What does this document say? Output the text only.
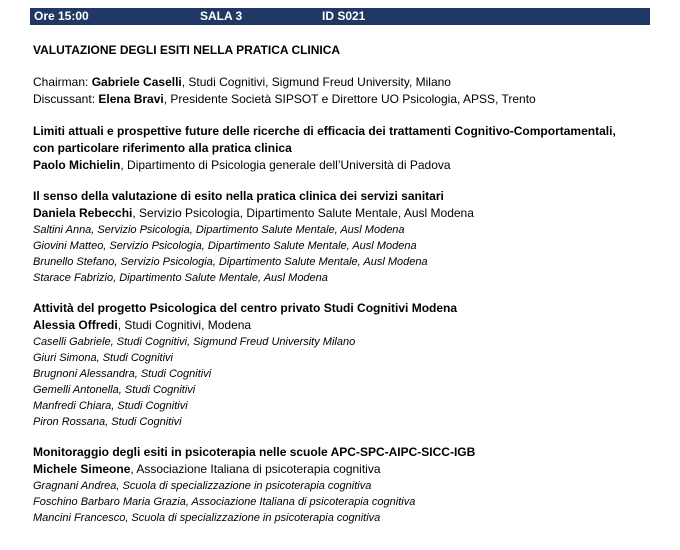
Ore 15:00	SALA 3	ID S021
VALUTAZIONE DEGLI ESITI NELLA PRATICA CLINICA
Chairman: Gabriele Caselli, Studi Cognitivi, Sigmund Freud University, Milano
Discussant: Elena Bravi, Presidente Società SIPSOT e Direttore UO Psicologia, APSS, Trento
Limiti attuali e prospettive future delle ricerche di efficacia dei trattamenti Cognitivo-Comportamentali,
con particolare riferimento alla pratica clinica
Paolo Michielin, Dipartimento di Psicologia generale dell’Università di Padova
Il senso della valutazione di esito nella pratica clinica dei servizi sanitari
Daniela Rebecchi, Servizio Psicologia, Dipartimento Salute Mentale, Ausl Modena
Saltini Anna, Servizio Psicologia, Dipartimento Salute Mentale, Ausl Modena
Giovini Matteo, Servizio Psicologia, Dipartimento Salute Mentale, Ausl Modena
Brunello Stefano, Servizio Psicologia, Dipartimento Salute Mentale, Ausl Modena
Starace Fabrizio, Dipartimento Salute Mentale, Ausl Modena
Attività del progetto Psicologica del centro privato Studi Cognitivi Modena
Alessia Offredi, Studi Cognitivi, Modena
Caselli Gabriele, Studi Cognitivi, Sigmund Freud University Milano
Giuri Simona, Studi Cognitivi
Brugnoni Alessandra, Studi Cognitivi
Gemelli Antonella, Studi Cognitivi
Manfredi Chiara, Studi Cognitivi
Piron Rossana, Studi Cognitivi
Monitoraggio degli esiti in psicoterapia nelle scuole APC-SPC-AIPC-SICC-IGB
Michele Simeone, Associazione Italiana di psicoterapia cognitiva
Gragnani Andrea, Scuola di specializzazione in psicoterapia cognitiva
Foschino Barbaro Maria Grazia, Associazione Italiana di psicoterapia cognitiva
Mancini Francesco, Scuola di specializzazione in psicoterapia cognitiva
